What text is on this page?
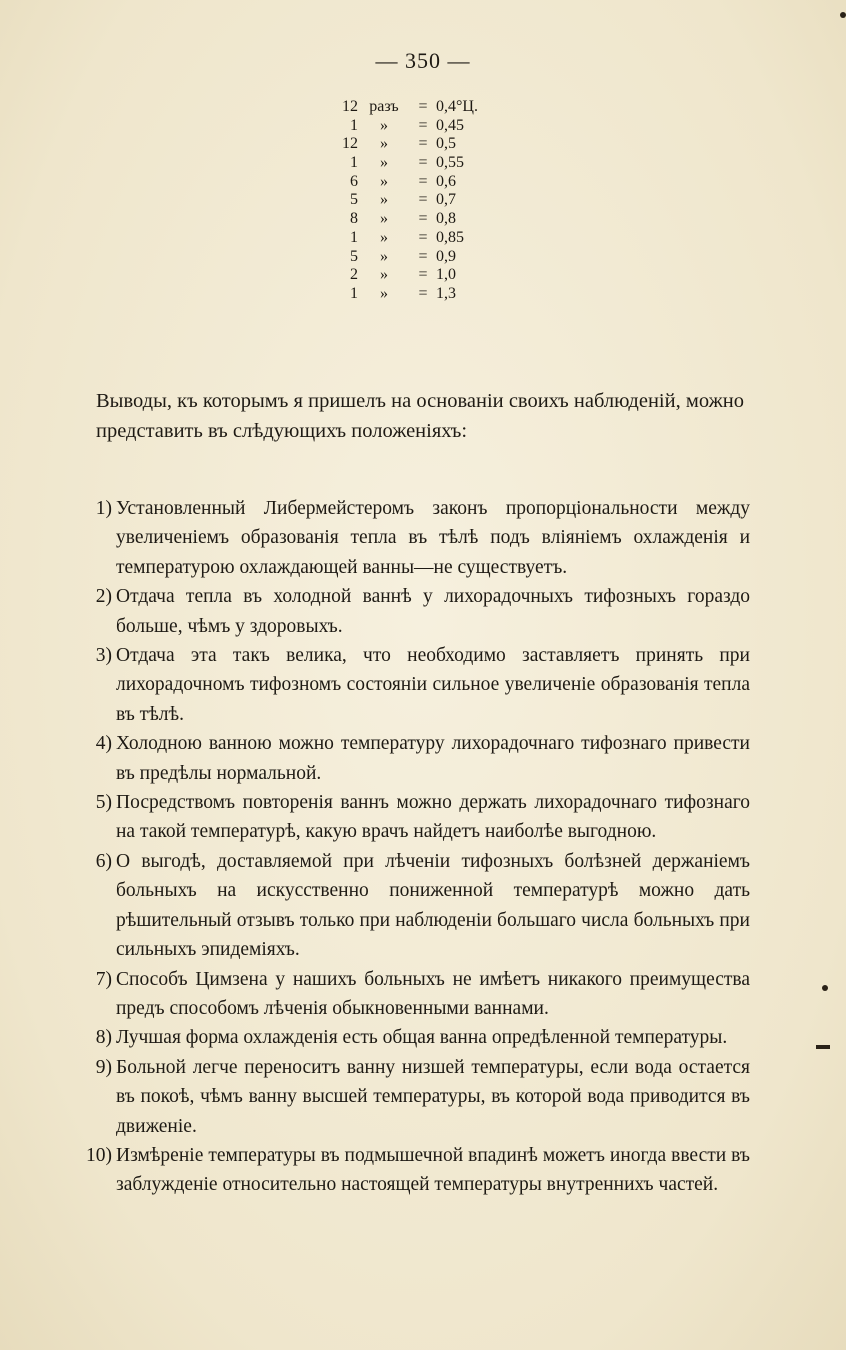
— 350 —
12 разъ	= 0,4°Ц.
1	»	= 0,45
12	»	= 0,5
1	»	= 0,55
6	»	= 0,6
5	»	= 0,7
8	»	= 0,8
1	»	= 0,85
5	»	= 0,9
2	»	= 1,0
1	»	= 1,3
Выводы, къ которымъ я пришелъ на основаніи своихъ наблюденій, можно представить въ слѣдующихъ положеніяхъ:
1) Установленный Либермейстеромъ законъ пропорціональности между увеличеніемъ образованія тепла въ тѣлѣ подъ вліяніемъ охлажденія и температурою охлаждающей ванны—не существуетъ.
2) Отдача тепла въ холодной ваннѣ у лихорадочныхъ тифозныхъ гораздо больше, чѣмъ у здоровыхъ.
3) Отдача эта такъ велика, что необходимо заставляетъ принять при лихорадочномъ тифозномъ состояніи сильное увеличеніе образованія тепла въ тѣлѣ.
4) Холодною ванною можно температуру лихорадочнаго тифознаго привести въ предѣлы нормальной.
5) Посредствомъ повторенія ваннъ можно держать лихорадочнаго тифознаго на такой температурѣ, какую врачъ найдетъ наиболѣе выгодною.
6) О выгодѣ, доставляемой при лѣченіи тифозныхъ болѣзней держаніемъ больныхъ на искусственно пониженной температурѣ можно дать рѣшительный отзывъ только при наблюденіи большаго числа больныхъ при сильныхъ эпидеміяхъ.
7) Способъ Цимзена у нашихъ больныхъ не имѣетъ никакого преимущества предъ способомъ лѣченія обыкновенными ваннами.
8) Лучшая форма охлажденія есть общая ванна опредѣленной температуры.
9) Больной легче переноситъ ванну низшей температуры, если вода остается въ покоѣ, чѣмъ ванну высшей температуры, въ которой вода приводится въ движеніе.
10) Измѣреніе температуры въ подмышечной впадинѣ можетъ иногда ввести въ заблужденіе относительно настоящей температуры внутреннихъ частей.
